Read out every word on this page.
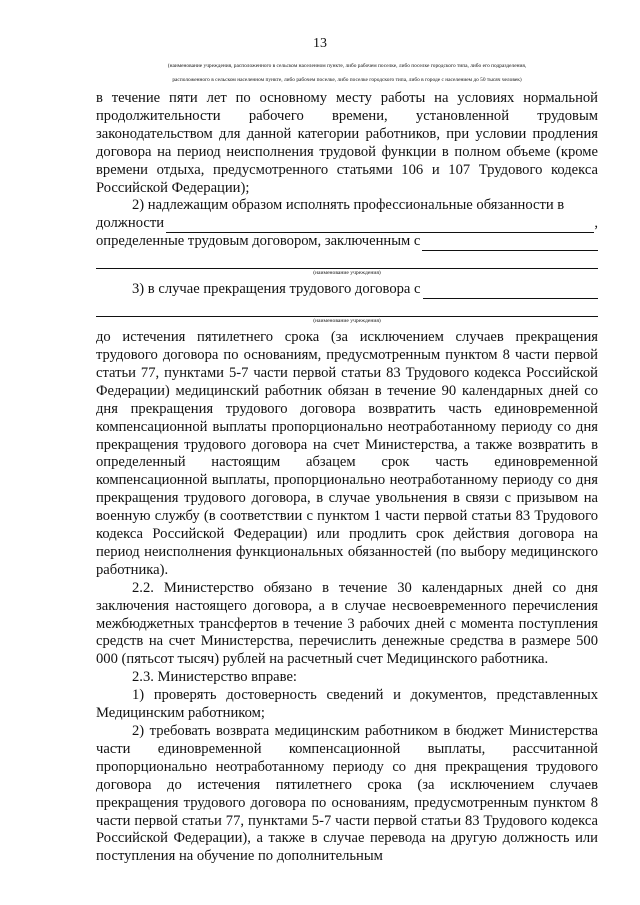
13
(наименование учреждения, расположенного в сельском населенном пункте, либо рабочем поселке, либо поселке городского типа, либо его подразделения,
расположенного в сельском населенном пункте, либо рабочем поселке, либо поселке городского типа, либо в городе с населением до 50 тысяч человек)

в течение пяти лет по основному месту работы на условиях нормальной продолжительности рабочего времени, установленной трудовым законодательством для данной категории работников, при условии продления договора на период неисполнения трудовой функции в полном объеме (кроме времени отдыха, предусмотренного статьями 106 и 107 Трудового кодекса Российской Федерации);

2) надлежащим образом исполнять профессиональные обязанности в

должности	,
определенные трудовым договором, заключенным с
(наименование учреждения)
3) в случае прекращения трудового договора с
(наименование учреждения)

до истечения пятилетнего срока (за исключением случаев прекращения трудового договора по основаниям, предусмотренным пунктом 8 части первой статьи 77, пунктами 5-7 части первой статьи 83 Трудового кодекса Российской Федерации) медицинский работник обязан в течение 90 календарных дней со дня прекращения трудового договора возвратить часть единовременной компенсационной выплаты пропорционально неотработанному периоду со дня прекращения трудового договора на счет Министерства, а также возвратить в определенный настоящим абзацем срок часть единовременной компенсационной выплаты, пропорционально неотработанному периоду со дня прекращения трудового договора, в случае увольнения в связи с призывом на военную службу (в соответствии с пунктом 1 части первой статьи 83 Трудового кодекса Российской Федерации) или продлить срок действия договора на период неисполнения функциональных обязанностей (по выбору медицинского работника).

2.2. Министерство обязано в течение 30 календарных дней со дня заключения настоящего договора, а в случае несвоевременного перечисления межбюджетных трансфертов в течение 3 рабочих дней с момента поступления средств на счет Министерства, перечислить денежные средства в размере 500 000 (пятьсот тысяч) рублей на расчетный счет Медицинского работника.

2.3. Министерство вправе:

1) проверять достоверность сведений и документов, представленных Медицинским работником;

2) требовать возврата медицинским работником в бюджет Министерства части единовременной компенсационной выплаты, рассчитанной пропорционально неотработанному периоду со дня прекращения трудового договора до истечения пятилетнего срока (за исключением случаев прекращения трудового договора по основаниям, предусмотренным пунктом 8 части первой статьи 77, пунктами 5-7 части первой статьи 83 Трудового кодекса Российской Федерации), а также в случае перевода на другую должность или поступления на обучение по дополнительным
